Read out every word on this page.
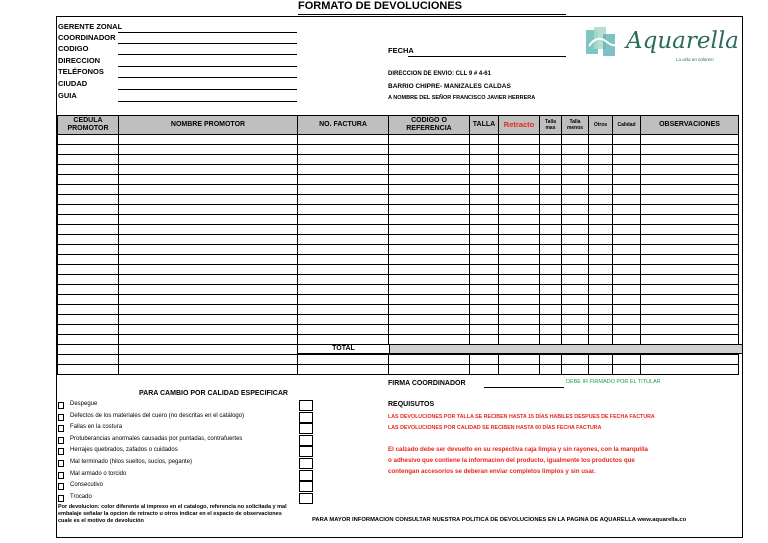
FORMATO DE DEVOLUCIONES
GERENTE ZONAL
COORDINADOR
CODIGO
DIRECCION
TELÉFONOS
CIUDAD
GUIA
FECHA
DIRECCION DE ENVIO: CLL 9 # 4-61
BARRIO CHIPRE- MANIZALES CALDAS
A NOMBRE DEL SEÑOR FRANCISCO JAVIER HERRERA
Aquarella
La vida en colores!
CEDULA PROMOTOR	NOMBRE PROMOTOR	NO. FACTURA	CODIGO O REFERENCIA	TALLA	Retracto	Talla mas	Talla menos	Otros	Calidad	OBSERVACIONES

TOTAL
PARA CAMBIO POR CALIDAD ESPECIFICAR
Despegue
Defectos de los materiales del cuero (no descritas en el catálogo)
Fallas en la costura
Protuberancias anormales causadas por puntadas, contrafuertes
Herrajes quebrados, zafados o cuidados
Mal terminado (hilos sueltos, sucios, pegante)
Mal armado o torcido
Consecutivo
Trocado
Por devolucion: color diferente al impreso en el catalogo, referencia no solicitada y mal embalaje señalar la opcion de retracto u otros indicar en el espacio de observaciones cuale es el motivo de devolución
FIRMA COORDINADOR	DEBE IR FIRMADO POR EL TITULAR
REQUISUTOS
LAS DEVOLUCIONES POR TALLA SE RECIBEN HASTA 15 DÍAS HABILES DESPUES DE FECHA FACTURA
LAS DEVOLUCIONES POR CALIDAD SE RECIBEN HASTA 60 DÍAS FECHA FACTURA
El calzado debe ser devuelto en su respectiva caja limpia y sin rayones, con la marquilla
o adhesivo que contiene la informacion del producto, igualmente los productos que
contengan accesorios se deberan enviar completos limpios y sin usar.
PARA MAYOR INFORMACION CONSULTAR NUESTRA POLITICA DE DEVOLUCIONES EN LA PAGINA DE AQUARELLA www.aquarella.co
